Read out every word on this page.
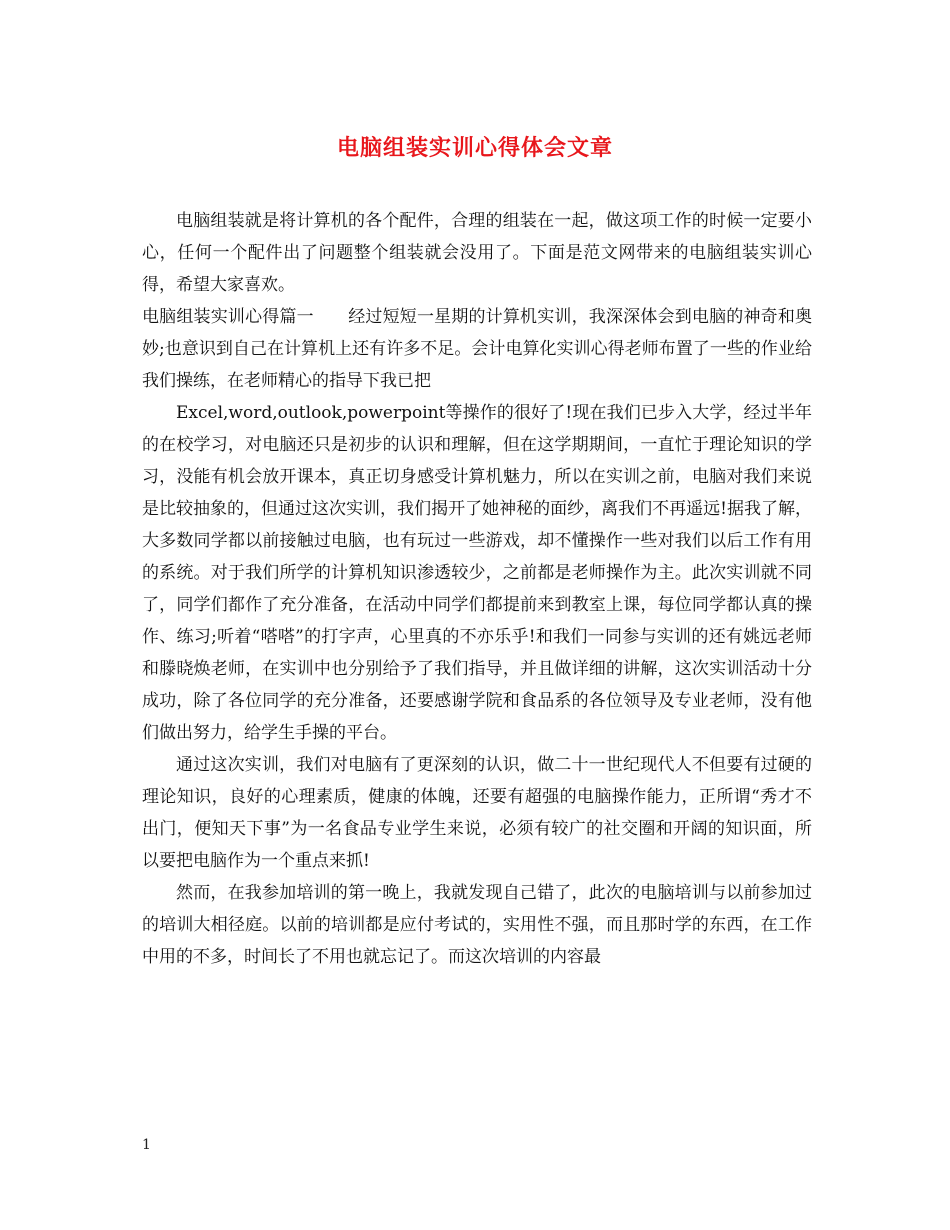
电脑组装实训心得体会文章

电脑组装就是将计算机的各个配件，合理的组装在一起，做这项工作的时候一定要小心，任何一个配件出了问题整个组装就会没用了。下面是范文网带来的电脑组装实训心得，希望大家喜欢。

电脑组装实训心得篇一　　经过短短一星期的计算机实训，我深深体会到电脑的神奇和奥妙;也意识到自己在计算机上还有许多不足。会计电算化实训心得老师布置了一些的作业给我们操练，在老师精心的指导下我已把

Excel,word,outlook,powerpoint等操作的很好了!现在我们已步入大学，经过半年的在校学习，对电脑还只是初步的认识和理解，但在这学期期间，一直忙于理论知识的学习，没能有机会放开课本，真正切身感受计算机魅力，所以在实训之前，电脑对我们来说是比较抽象的，但通过这次实训，我们揭开了她神秘的面纱，离我们不再遥远!据我了解，大多数同学都以前接触过电脑，也有玩过一些游戏，却不懂操作一些对我们以后工作有用的系统。对于我们所学的计算机知识渗透较少，之前都是老师操作为主。此次实训就不同了，同学们都作了充分准备，在活动中同学们都提前来到教室上课，每位同学都认真的操作、练习;听着“嗒嗒”的打字声，心里真的不亦乐乎!和我们一同参与实训的还有姚远老师和滕晓焕老师，在实训中也分别给予了我们指导，并且做详细的讲解，这次实训活动十分成功，除了各位同学的充分准备，还要感谢学院和食品系的各位领导及专业老师，没有他们做出努力，给学生手操的平台。

通过这次实训，我们对电脑有了更深刻的认识，做二十一世纪现代人不但要有过硬的理论知识，良好的心理素质，健康的体魄，还要有超强的电脑操作能力，正所谓“秀才不出门，便知天下事”为一名食品专业学生来说，必须有较广的社交圈和开阔的知识面，所以要把电脑作为一个重点来抓!

然而，在我参加培训的第一晚上，我就发现自己错了，此次的电脑培训与以前参加过的培训大相径庭。以前的培训都是应付考试的，实用性不强，而且那时学的东西，在工作中用的不多，时间长了不用也就忘记了。而这次培训的内容最

1
